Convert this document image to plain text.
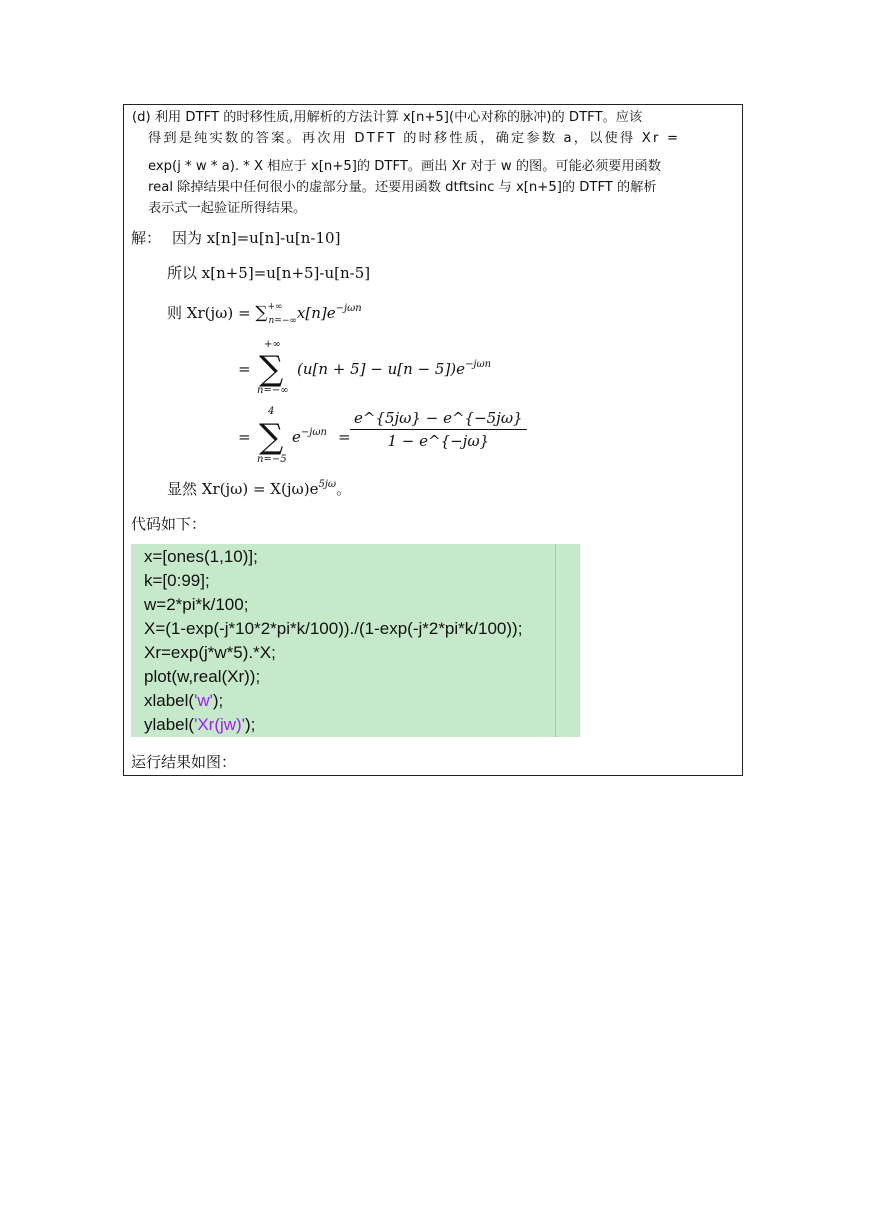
(d) 利用 DTFT 的时移性质,用解析的方法计算 x[n+5](中心对称的脉冲)的 DTFT。应该
得到是纯实数的答案。再次用 DTFT 的时移性质，确定参数 a，以使得 Xr =
exp(j * w * a). * X 相应于 x[n+5]的 DTFT。画出 Xr 对于 w 的图。可能必须要用函数
real 除掉结果中任何很小的虚部分量。还要用函数 dtftsinc 与 x[n+5]的 DTFT 的解析
表示式一起验证所得结果。
解： 因为 x[n]=u[n]-u[n-10]
所以 x[n+5]=u[n+5]-u[n-5]
则 $Xr(j\omega) = \sum^{+\infty}_{n=-\infty}x[n]e^{-j\omega n}$
=
+∞
∑
n=−∞
$(u[n + 5] - u[n - 5])e^{-j\omega n}$
=
4
∑
n=−5
$e^{-j\omega n} = \frac{e\^{}\{5j\omega\} - e\^{}\{-5j\omega\}}{1 - e\^{}\{-j\omega\}}$
显然 $Xr(j\omega) = X(j\omega)e^{5j\omega}$。
代码如下：
x=[ones(1,10)];
k=[0:99];
w=2*pi*k/100;
X=(1-exp(-j*10*2*pi*k/100))./(1-exp(-j*2*pi*k/100));
Xr=exp(j*w*5).*X;
plot(w,real(Xr));
xlabel('w');
ylabel('Xr(jw)');
运行结果如图：
